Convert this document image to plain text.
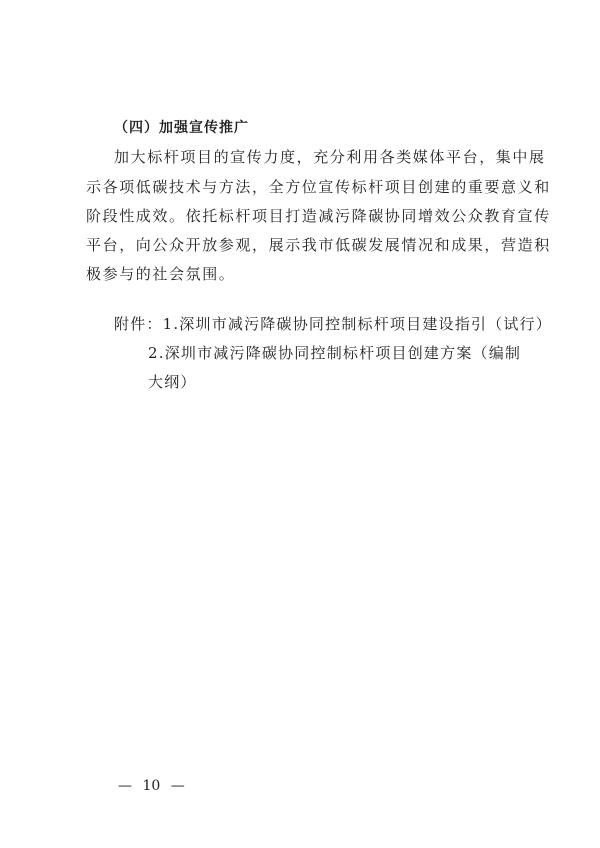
（四）加强宣传推广
加大标杆项目的宣传力度，充分利用各类媒体平台，集中展
示各项低碳技术与方法，全方位宣传标杆项目创建的重要意义和
阶段性成效。依托标杆项目打造减污降碳协同增效公众教育宣传
平台，向公众开放参观，展示我市低碳发展情况和成果，营造积
极参与的社会氛围。
附件：1.深圳市减污降碳协同控制标杆项目建设指引（试行）
2.深圳市减污降碳协同控制标杆项目创建方案（编制
大纲）
— 10 —
